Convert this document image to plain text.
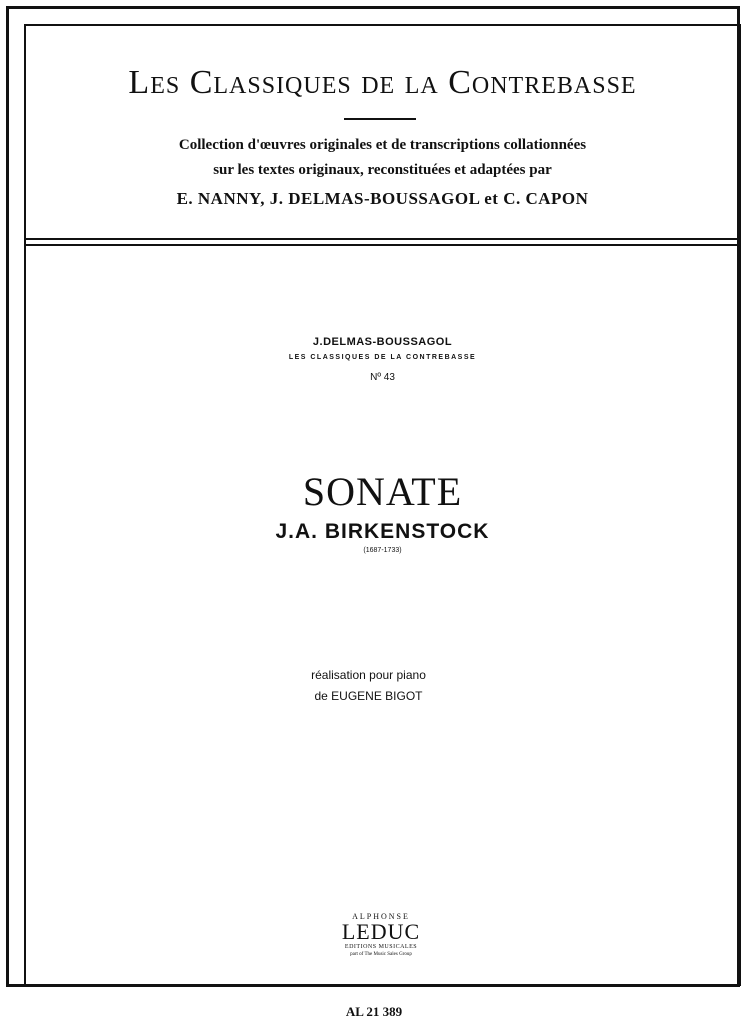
Les Classiques de la Contrebasse
Collection d'œuvres originales et de transcriptions collationnées
sur les textes originaux, reconstituées et adaptées par
E. NANNY, J. DELMAS-BOUSSAGOL et C. CAPON
J.DELMAS-BOUSSAGOL
LES CLASSIQUES DE LA CONTREBASSE
Nº 43
SONATE
J.A. BIRKENSTOCK
(1687-1733)
réalisation pour piano
de EUGENE BIGOT
ALPHONSE
LEDUC
EDITIONS MUSICALES
part of The Music Sales Group
AL 21 389
